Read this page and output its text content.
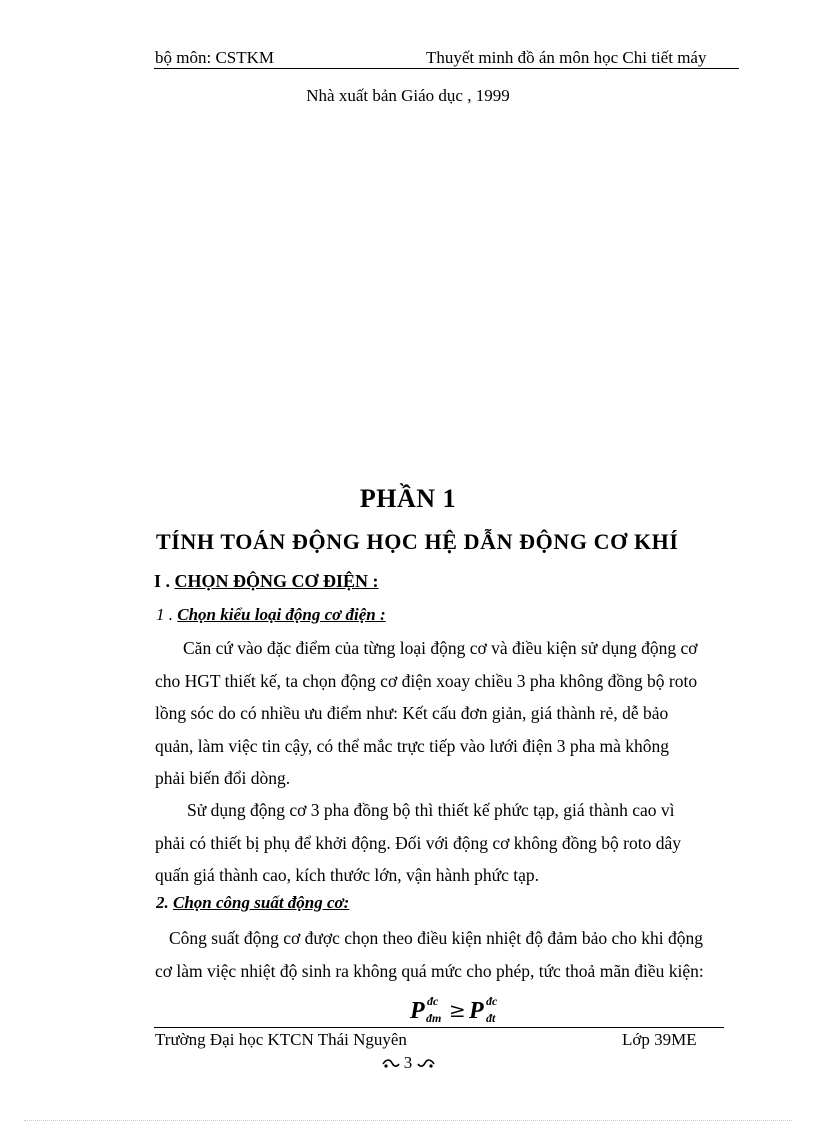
bộ môn: CSTKM	Thuyết minh đồ án môn học Chi tiết máy
Nhà xuất bản Giáo dục , 1999
PHẦN 1
TÍNH TOÁN ĐỘNG HỌC HỆ DẪN ĐỘNG CƠ KHÍ
I . CHỌN ĐỘNG CƠ ĐIỆN :
1 . Chọn kiểu loại động cơ điện :
Căn cứ vào đặc điểm của từng loại động cơ và điều kiện sử dụng động cơ
cho HGT thiết kế, ta chọn động cơ điện xoay chiều 3 pha không đồng bộ roto
lồng sóc do có nhiều ưu điểm như: Kết cấu đơn giản, giá thành rẻ, dễ bảo
quản, làm việc tin cậy, có thể mắc trực tiếp vào lưới điện 3 pha mà không
phải biến đổi dòng.
Sử dụng động cơ 3 pha đồng bộ thì thiết kế phức tạp, giá thành cao vì
phải có thiết bị phụ để khởi động. Đối với động cơ không đồng bộ roto dây
quấn giá thành cao, kích thước lớn, vận hành phức tạp.
2. Chọn công suất động cơ:
Công suất động cơ được chọn theo điều kiện nhiệt độ đảm bảo cho khi động
cơ làm việc nhiệt độ sinh ra không quá mức cho phép, tức thoả mãn điều kiện:
P đc
đm ≥ P đc
đt
Trường Đại học KTCN Thái Nguyên	Lớp 39ME
3
